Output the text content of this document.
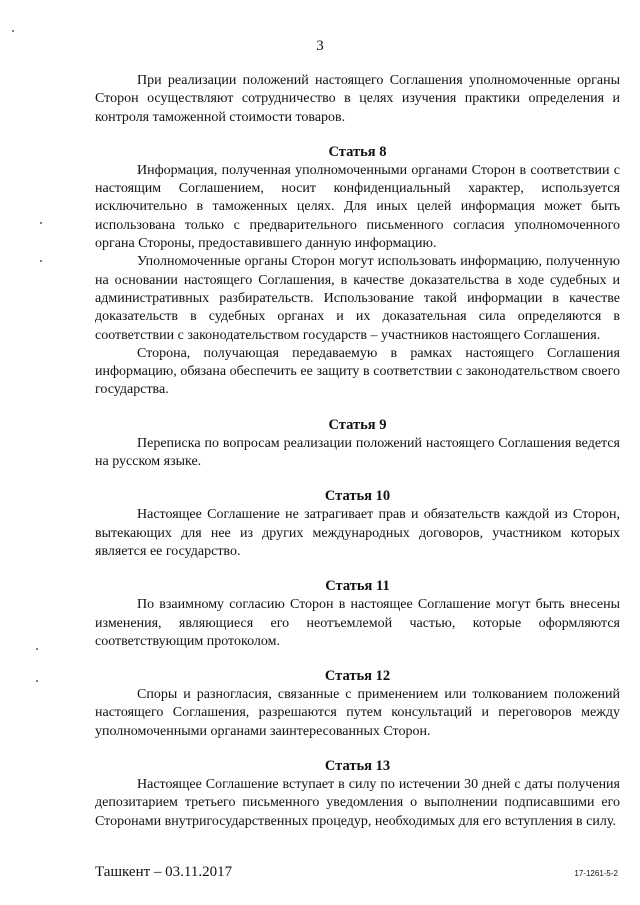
3

При реализации положений настоящего Соглашения уполномоченные органы Сторон осуществляют сотрудничество в целях изучения практики определения и контроля таможенной стоимости товаров.

Статья 8

Информация, полученная уполномоченными органами Сторон в соответствии с настоящим Соглашением, носит конфиденциальный характер, используется исключительно в таможенных целях. Для иных целей информация может быть использована только с предварительного письменного согласия уполномоченного органа Стороны, предоставившего данную информацию.

Уполномоченные органы Сторон могут использовать информацию, полученную на основании настоящего Соглашения, в качестве доказательства в ходе судебных и административных разбирательств. Использование такой информации в качестве доказательств в судебных органах и их доказательная сила определяются в соответствии с законодательством государств – участников настоящего Соглашения.

Сторона, получающая передаваемую в рамках настоящего Соглашения информацию, обязана обеспечить ее защиту в соответствии с законодательством своего государства.

Статья 9

Переписка по вопросам реализации положений настоящего Соглашения ведется на русском языке.

Статья 10

Настоящее Соглашение не затрагивает прав и обязательств каждой из Сторон, вытекающих для нее из других международных договоров, участником которых является ее государство.

Статья 11

По взаимному согласию Сторон в настоящее Соглашение могут быть внесены изменения, являющиеся его неотъемлемой частью, которые оформляются соответствующим протоколом.

Статья 12

Споры и разногласия, связанные с применением или толкованием положений настоящего Соглашения, разрешаются путем консультаций и переговоров между уполномоченными органами заинтересованных Сторон.

Статья 13

Настоящее Соглашение вступает в силу по истечении 30 дней с даты получения депозитарием третьего письменного уведомления о выполнении подписавшими его Сторонами внутригосударственных процедур, необходимых для его вступления в силу.

Ташкент – 03.11.2017	17-1261-5-2
